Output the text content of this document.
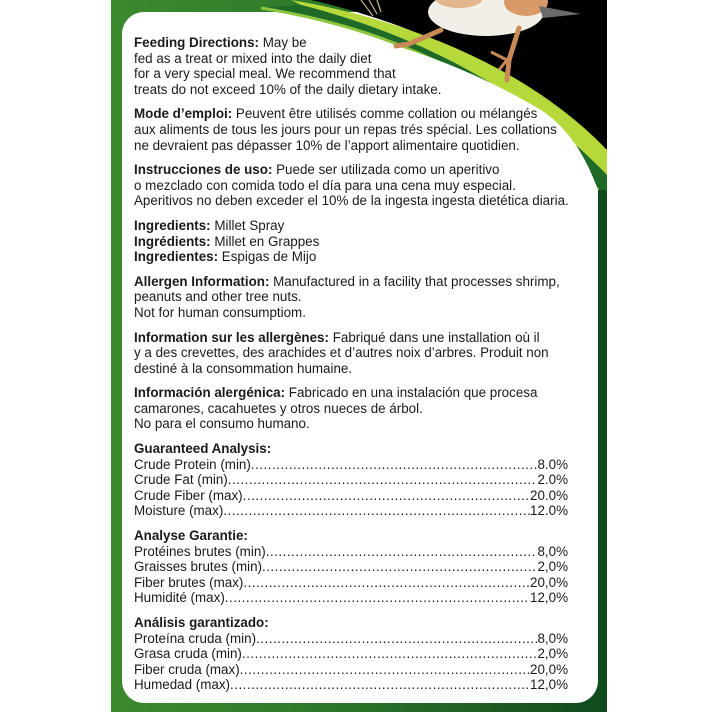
Feeding Directions: May be
fed as a treat or mixed into the daily diet
for a very special meal. We recommend that
treats do not exceed 10% of the daily dietary intake.
Mode d’emploi: Peuvent être utilisés comme collation ou mélangés
aux aliments de tous les jours pour un repas trés spécial. Les collations
ne devraient pas dépasser 10% de l’apport alimentaire quotidien.
Instrucciones de uso: Puede ser utilizada como un aperitivo
o mezclado con comida todo el día para una cena muy especial.
Aperitivos no deben exceder el 10% de la ingesta ingesta dietética diaria.
Ingredients: Millet Spray
Ingrédients: Millet en Grappes
Ingredientes: Espigas de Mijo
Allergen Information: Manufactured in a facility that processes shrimp,
peanuts and other tree nuts.
Not for human consumptiom.
Information sur les allergènes: Fabriqué dans une installation où il
y a des crevettes, des arachides et d’autres noix d’arbres. Produit non
destiné à la consommation humaine.
Información alergénica: Fabricado en una instalación que procesa
camarones, cacahuetes y otros nueces de árbol.
No para el consumo humano.
Guaranteed Analysis:
Crude Protein (min) .....	8.0%
Crude Fat (min) .....	2.0%
Crude Fiber (max) .....	20.0%
Moisture (max) .....	12.0%
Analyse Garantie:
Protéines brutes (min) .....	8,0%
Graisses brutes (min) .....	2,0%
Fiber brutes (max) .....	20,0%
Humidité (max) .....	12,0%
Análisis garantizado:
Proteína cruda (min) .....	8,0%
Grasa cruda (min) .....	2,0%
Fiber cruda (max) .....	20,0%
Humedad (max) .....	12,0%
